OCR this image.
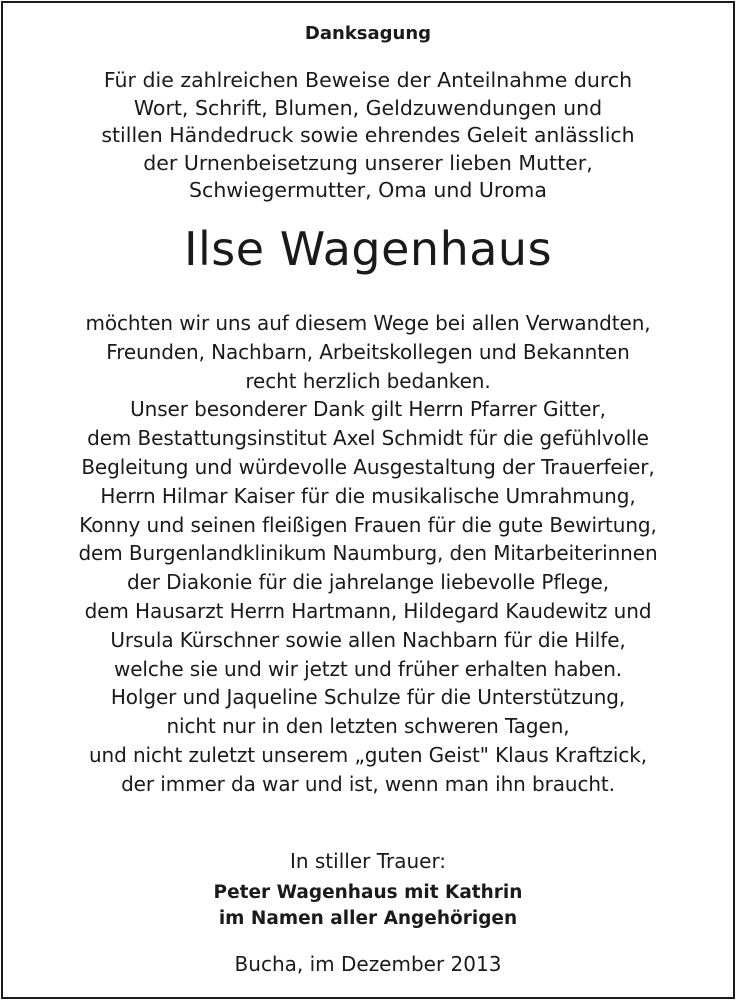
Danksagung
Für die zahlreichen Beweise der Anteilnahme durch
Wort, Schrift, Blumen, Geldzuwendungen und
stillen Händedruck sowie ehrendes Geleit anlässlich
der Urnenbeisetzung unserer lieben Mutter,
Schwiegermutter, Oma und Uroma
Ilse Wagenhaus
möchten wir uns auf diesem Wege bei allen Verwandten,
Freunden, Nachbarn, Arbeitskollegen und Bekannten
recht herzlich bedanken.
Unser besonderer Dank gilt Herrn Pfarrer Gitter,
dem Bestattungsinstitut Axel Schmidt für die gefühlvolle
Begleitung und würdevolle Ausgestaltung der Trauerfeier,
Herrn Hilmar Kaiser für die musikalische Umrahmung,
Konny und seinen fleißigen Frauen für die gute Bewirtung,
dem Burgenlandklinikum Naumburg, den Mitarbeiterinnen
der Diakonie für die jahrelange liebevolle Pflege,
dem Hausarzt Herrn Hartmann, Hildegard Kaudewitz und
Ursula Kürschner sowie allen Nachbarn für die Hilfe,
welche sie und wir jetzt und früher erhalten haben.
Holger und Jaqueline Schulze für die Unterstützung,
nicht nur in den letzten schweren Tagen,
und nicht zuletzt unserem „guten Geist" Klaus Kraftzick,
der immer da war und ist, wenn man ihn braucht.
In stiller Trauer:
Peter Wagenhaus mit Kathrin
im Namen aller Angehörigen
Bucha, im Dezember 2013
